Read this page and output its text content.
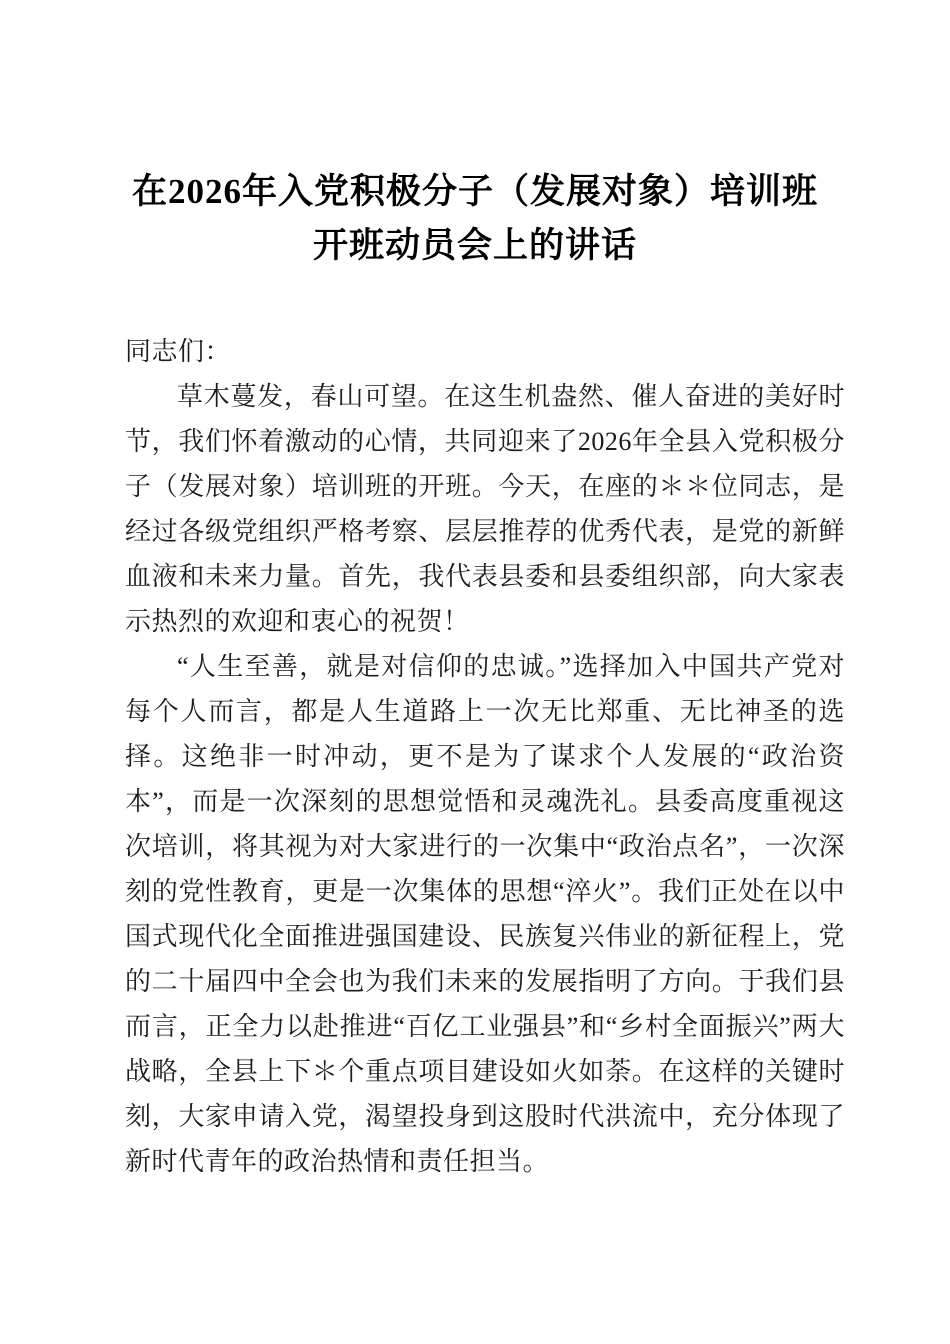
在2026年入党积极分子（发展对象）培训班
开班动员会上的讲话

同志们：

草木蔓发，春山可望。在这生机盎然、催人奋进的美好时节，我们怀着激动的心情，共同迎来了2026年全县入党积极分子（发展对象）培训班的开班。今天，在座的＊＊位同志，是经过各级党组织严格考察、层层推荐的优秀代表，是党的新鲜血液和未来力量。首先，我代表县委和县委组织部，向大家表示热烈的欢迎和衷心的祝贺！

“人生至善，就是对信仰的忠诚。”选择加入中国共产党对每个人而言，都是人生道路上一次无比郑重、无比神圣的选择。这绝非一时冲动，更不是为了谋求个人发展的“政治资本”，而是一次深刻的思想觉悟和灵魂洗礼。县委高度重视这次培训，将其视为对大家进行的一次集中“政治点名”，一次深刻的党性教育，更是一次集体的思想“淬火”。我们正处在以中国式现代化全面推进强国建设、民族复兴伟业的新征程上，党的二十届四中全会也为我们未来的发展指明了方向。于我们县而言，正全力以赴推进“百亿工业强县”和“乡村全面振兴”两大战略，全县上下＊个重点项目建设如火如荼。在这样的关键时刻，大家申请入党，渴望投身到这股时代洪流中，充分体现了新时代青年的政治热情和责任担当。
